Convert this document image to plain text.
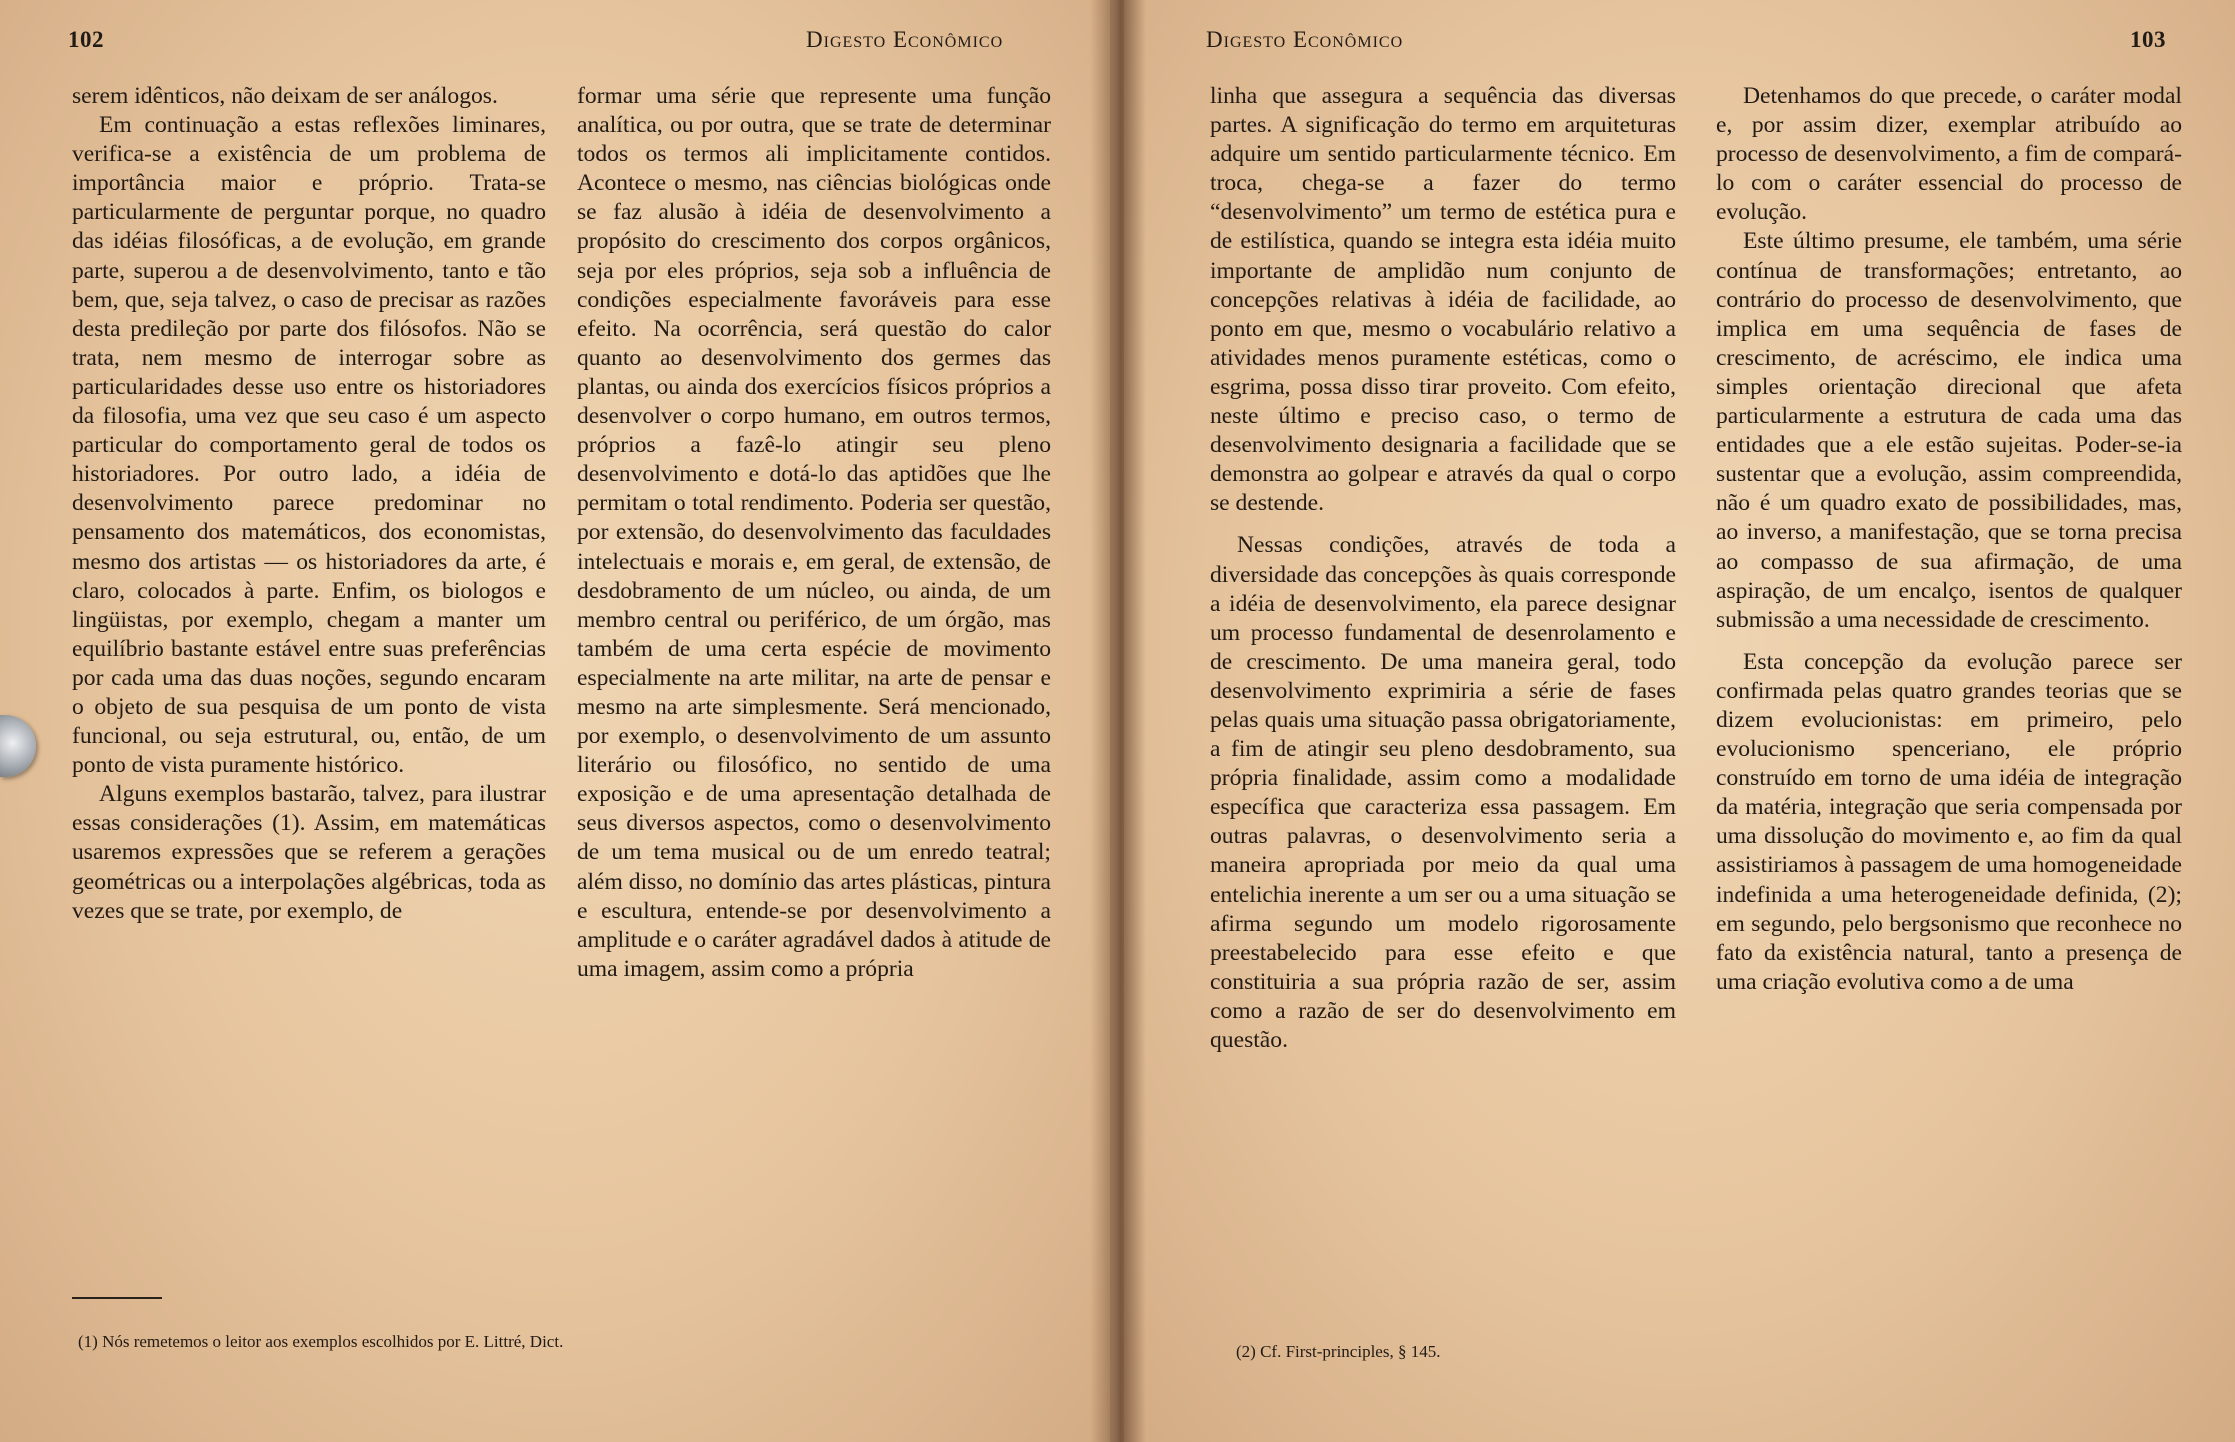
102	Digesto Econômico

serem idênticos, não deixam de ser análogos.

Em continuação a estas reflexões liminares, verifica-se a existência de um problema de importância maior e próprio. Trata-se particularmente de perguntar porque, no quadro das idéias filosóficas, a de evolução, em grande parte, superou a de desenvolvimento, tanto e tão bem, que, seja talvez, o caso de precisar as razões desta predileção por parte dos filósofos. Não se trata, nem mesmo de interrogar sobre as particularidades desse uso entre os historiadores da filosofia, uma vez que seu caso é um aspecto particular do comportamento geral de todos os historiadores. Por outro lado, a idéia de desenvolvimento parece predominar no pensamento dos matemáticos, dos economistas, mesmo dos artistas — os historiadores da arte, é claro, colocados à parte. Enfim, os biologos e lingüistas, por exemplo, chegam a manter um equilíbrio bastante estável entre suas preferências por cada uma das duas noções, segundo encaram o objeto de sua pesquisa de um ponto de vista funcional, ou seja estrutural, ou, então, de um ponto de vista puramente histórico.

Alguns exemplos bastarão, talvez, para ilustrar essas considerações (1). Assim, em matemáticas usaremos expressões que se referem a gerações geométricas ou a interpolações algébricas, toda as vezes que se trate, por exemplo, de

formar uma série que represente uma função analítica, ou por outra, que se trate de determinar todos os termos ali implicitamente contidos. Acontece o mesmo, nas ciências biológicas onde se faz alusão à idéia de desenvolvimento a propósito do crescimento dos corpos orgânicos, seja por eles próprios, seja sob a influência de condições especialmente favoráveis para esse efeito. Na ocorrência, será questão do calor quanto ao desenvolvimento dos germes das plantas, ou ainda dos exercícios físicos próprios a desenvolver o corpo humano, em outros termos, próprios a fazê-lo atingir seu pleno desenvolvimento e dotá-lo das aptidões que lhe permitam o total rendimento. Poderia ser questão, por extensão, do desenvolvimento das faculdades intelectuais e morais e, em geral, de extensão, de desdobramento de um núcleo, ou ainda, de um membro central ou periférico, de um órgão, mas também de uma certa espécie de movimento especialmente na arte militar, na arte de pensar e mesmo na arte simplesmente. Será mencionado, por exemplo, o desenvolvimento de um assunto literário ou filosófico, no sentido de uma exposição e de uma apresentação detalhada de seus diversos aspectos, como o desenvolvimento de um tema musical ou de um enredo teatral; além disso, no domínio das artes plásticas, pintura e escultura, entende-se por desenvolvimento a amplitude e o caráter agradável dados à atitude de uma imagem, assim como a própria

(1) Nós remetemos o leitor aos exemplos escolhidos por E. Littré, Dict.
Digesto Econômico	103

linha que assegura a sequência das diversas partes. A significação do termo em arquiteturas adquire um sentido particularmente técnico. Em troca, chega-se a fazer do termo “desenvolvimento” um termo de estética pura e de estilística, quando se integra esta idéia muito importante de amplidão num conjunto de concepções relativas à idéia de facilidade, ao ponto em que, mesmo o vocabulário relativo a atividades menos puramente estéticas, como o esgrima, possa disso tirar proveito. Com efeito, neste último e preciso caso, o termo de desenvolvimento designaria a facilidade que se demonstra ao golpear e através da qual o corpo se destende.

Nessas condições, através de toda a diversidade das concepções às quais corresponde a idéia de desenvolvimento, ela parece designar um processo fundamental de desenrolamento e de crescimento. De uma maneira geral, todo desenvolvimento exprimiria a série de fases pelas quais uma situação passa obrigatoriamente, a fim de atingir seu pleno desdobramento, sua própria finalidade, assim como a modalidade específica que caracteriza essa passagem. Em outras palavras, o desenvolvimento seria a maneira apropriada por meio da qual uma entelichia inerente a um ser ou a uma situação se afirma segundo um modelo rigorosamente preestabelecido para esse efeito e que constituiria a sua própria razão de ser, assim como a razão de ser do desenvolvimento em questão.

Detenhamos do que precede, o caráter modal e, por assim dizer, exemplar atribuído ao processo de desenvolvimento, a fim de compará-lo com o caráter essencial do processo de evolução.

Este último presume, ele também, uma série contínua de transformações; entretanto, ao contrário do processo de desenvolvimento, que implica em uma sequência de fases de crescimento, de acréscimo, ele indica uma simples orientação direcional que afeta particularmente a estrutura de cada uma das entidades que a ele estão sujeitas. Poder-se-ia sustentar que a evolução, assim compreendida, não é um quadro exato de possibilidades, mas, ao inverso, a manifestação, que se torna precisa ao compasso de sua afirmação, de uma aspiração, de um encalço, isentos de qualquer submissão a uma necessidade de crescimento.

Esta concepção da evolução parece ser confirmada pelas quatro grandes teorias que se dizem evolucionistas: em primeiro, pelo evolucionismo spenceriano, ele próprio construído em torno de uma idéia de integração da matéria, integração que seria compensada por uma dissolução do movimento e, ao fim da qual assistiriamos à passagem de uma homogeneidade indefinida a uma heterogeneidade definida, (2); em segundo, pelo bergsonismo que reconhece no fato da existência natural, tanto a presença de uma criação evolutiva como a de uma

(2) Cf. First-principles, § 145.
